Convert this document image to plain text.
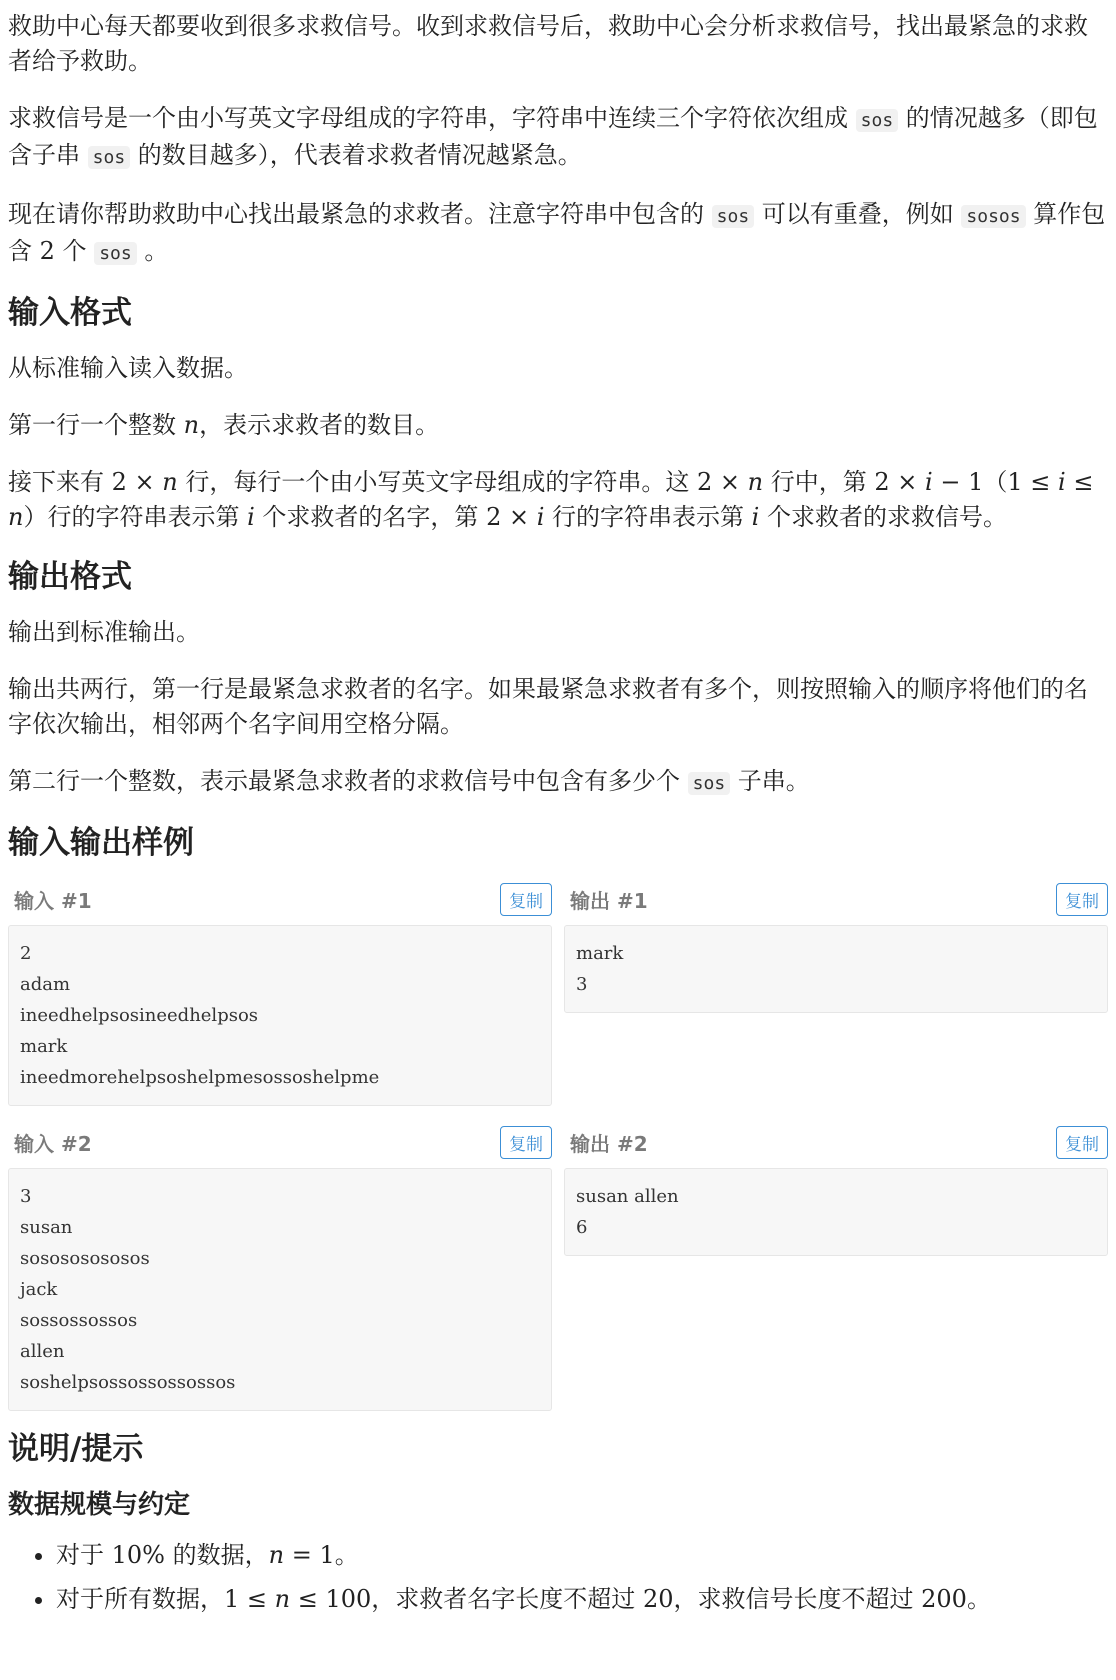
救助中心每天都要收到很多求救信号。收到求救信号后，救助中心会分析求救信号，找出最紧急的求救者给予救助。

求救信号是一个由小写英文字母组成的字符串，字符串中连续三个字符依次组成 sos 的情况越多（即包含子串 sos 的数目越多），代表着求救者情况越紧急。

现在请你帮助救助中心找出最紧急的求救者。注意字符串中包含的 sos 可以有重叠，例如 sosos 算作包含 2 个 sos 。

输入格式

从标准输入读入数据。

第一行一个整数 n，表示求救者的数目。

接下来有 2 × n 行，每行一个由小写英文字母组成的字符串。这 2 × n 行中，第 2 × i − 1（1 ≤ i ≤ n）行的字符串表示第 i 个求救者的名字，第 2 × i 行的字符串表示第 i 个求救者的求救信号。

输出格式

输出到标准输出。

输出共两行，第一行是最紧急求救者的名字。如果最紧急求救者有多个，则按照输入的顺序将他们的名字依次输出，相邻两个名字间用空格分隔。

第二行一个整数，表示最紧急求救者的求救信号中包含有多少个 sos 子串。

输入输出样例
输入 #1	复制
2
adam
ineedhelpsosineedhelpsos
mark
ineedmorehelpsoshelpmesossoshelpme
输出 #1	复制
mark
3
输入 #2	复制
3
susan
sosososososos
jack
sossossossos
allen
soshelpsossossossossos
输出 #2	复制
susan allen
6
说明/提示
数据规模与约定
• 对于 10% 的数据，n = 1。
• 对于所有数据，1 ≤ n ≤ 100，求救者名字长度不超过 20，求救信号长度不超过 200。
